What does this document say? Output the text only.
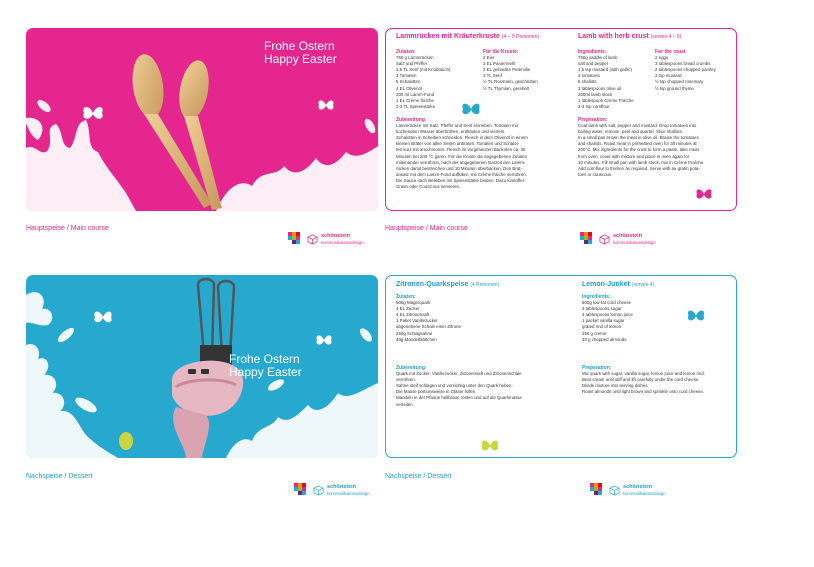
Frohe Ostern
Happy Easter
Lammrücken mit Kräuterkruste (4 – 5 Personen)	Lamb with herb crust (serves 4 – 5)
Zutaten:
750 g Lammrücken
Salz und Pfeffer
1,5 TL Senf (mit Knoblauch)
3 Tomaten
5 Schalotten
4 EL Olivenöl
200 ml Lamm-Fond
1 EL Crème fraîche
2-3 TL Speisestärke
Für die Kruste:
2 Eier
3 EL Paniermehl
2 EL gehackte Petersilie
3 TL Senf
½ TL Rosmarin, geschnitten
½ TL Thymian, gerebelt
Zubereitung
Lammrücken mit Salz, Pfeffer und Senf einreiben. Tomaten mit
kochendem Wasser überbrühen, enthäuten und vierteln.
Schalotten in Scheiben schneiden. Fleisch in dem Olivenöl in einem
kleinen Bräter von allen Seiten anbraten. Tomaten und Schalot-
ten kurz mit anschmoren. Fleisch im vorgeheizten Backofen ca. 30
Minuten bei 200 °C garen. Für die Kruste die angegebenen Zutaten
miteinander verrühren, nach der angegebenen Garzeit den Lamm-
rücken damit bestreichen und 10 Minuten überbacken. Den Brat-
ansatz mit dem Lamm-Fond auffüllen, mit Crème fraîche verrühren.
Die Sauce nach Belieben mit Speisestärke binden. Dazu Kartoffel-
Gratin oder CousCous servieren.
Ingredients:
750g saddle of lamb
salt and pepper
1,5 tsp mustard (with garlic)
3 tomatoes
5 shallots
3 tablespoons olive oil
200ml lamb stock
1 tablespoon Crème Fraîche
2-3 tsp cornflour
For the crust
2 eggs
3 tablespoons bread crumbs
2 tablespoons chopped parsley
3 tsp mustard
½ tsp chopped rosemary
½ tsp ground thyme
Preperation:
Coat lamb with salt, pepper and mustard. Drop tomatoes into
boiling water, remove, peel and quarter. Slice shallots.
In a small pan brown the meat in olive oil. Braise the tomatoes
and shallots. Roast meat in preheated oven for 30 minutes at
200°C. Mix ingredients for the crust to form a paste, take meat
from oven, cover with mixture and place in oven again for
10 minutes. Fill small pan with lamb stock, mix in Crème Fraîche.
Add cornflour to thicken as required. Serve with au gratin pota-
toes or couscous.
Hauptspeise / Main course	Hauptspeise / Main course
schönstein
kommunikationsdesign
schönstein
kommunikationsdesign
Frohe Ostern
Happy Easter
Zitronen-Quarkspeise (4 Personen)	Lemon-Junket (serves 4)
Zutaten:
500g Magerquark
4 EL Zucker
4 EL Zitronensaft
1 Paket Vanillezucker
abgeriebene Schale einer Zitrone
250g Schlagsahne
40g Mandelblättchen
Zubereitung:
Quark mit Zucker, Vanillezucker, Zitronensaft und Zitronenschale
verrühren.
Sahne steif schlagen und vorsichtig unter den Quark heben.
Die Masse portionsweise in Gläser füllen.
Mandeln in der Pfanne hellbraun rösten und auf die Quarkmasse
verteilen.
Ingredients:
500g low-fat curd cheese
3 tablespoons sugar
3 tablespoons lemon juice
1 packet vanilla sugar
grated rind of lemon
250 g creme
40 g chopped almonds
Preperation:
Mix quark with sugar, vanilla sugar, lemon juice and lemon rind.
Beat cream until stiff and lift carefully under the curd cheese.
Divide mixture into serving dishes.
Roast almonds until light brown and sprinkle onto curd cheese.
Nachspeise / Dessert	Nachspeise / Dessert
schönstein
kommunikationsdesign
schönstein
kommunikationsdesign
